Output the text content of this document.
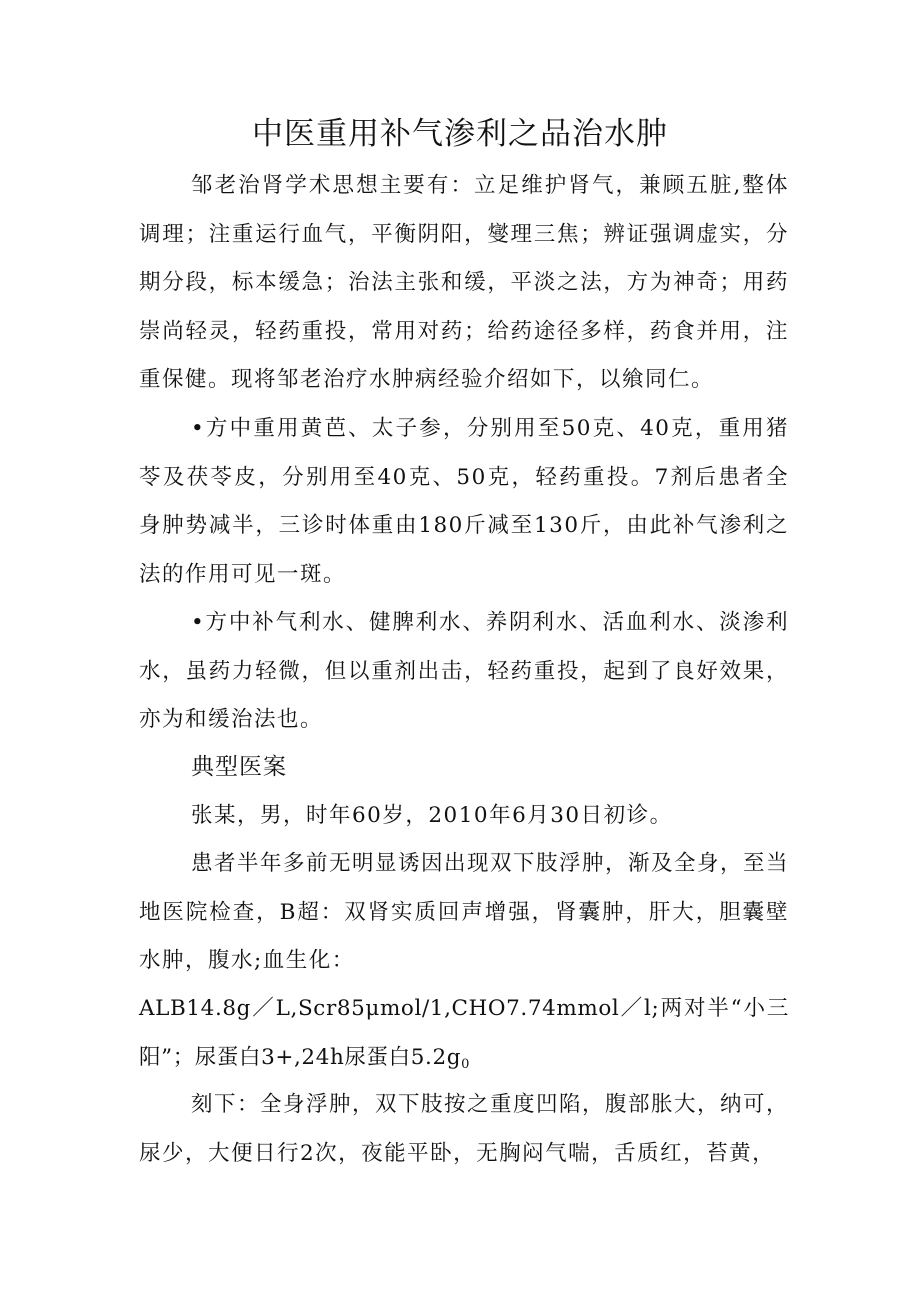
中医重用补气渗利之品治水肿

邹老治肾学术思想主要有：立足维护肾气，兼顾五脏,整体调理；注重运行血气，平衡阴阳，燮理三焦；辨证强调虚实，分期分段，标本缓急；治法主张和缓，平淡之法，方为神奇；用药崇尚轻灵，轻药重投，常用对药；给药途径多样，药食并用，注重保健。现将邹老治疗水肿病经验介绍如下，以飨同仁。

•方中重用黄芭、太子参，分别用至50克、40克，重用猪苓及茯苓皮，分别用至40克、50克，轻药重投。7剂后患者全身肿势减半，三诊时体重由180斤减至130斤，由此补气渗利之法的作用可见一斑。

•方中补气利水、健脾利水、养阴利水、活血利水、淡渗利水，虽药力轻微，但以重剂出击，轻药重投，起到了良好效果，亦为和缓治法也。

典型医案

张某，男，时年60岁，2010年6月30日初诊。

患者半年多前无明显诱因出现双下肢浮肿，渐及全身，至当地医院检查，B超：双肾实质回声增强，肾囊肿，肝大，胆囊壁水肿，腹水;血生化：

ALB14.8g／L,Scr85μmol/1,CHO7.74mmol／l;两对半“小三阳”；尿蛋白3+,24h尿蛋白$5.2g_0$

刻下：全身浮肿，双下肢按之重度凹陷，腹部胀大，纳可，尿少，大便日行2次，夜能平卧，无胸闷气喘，舌质红，苔黄，
